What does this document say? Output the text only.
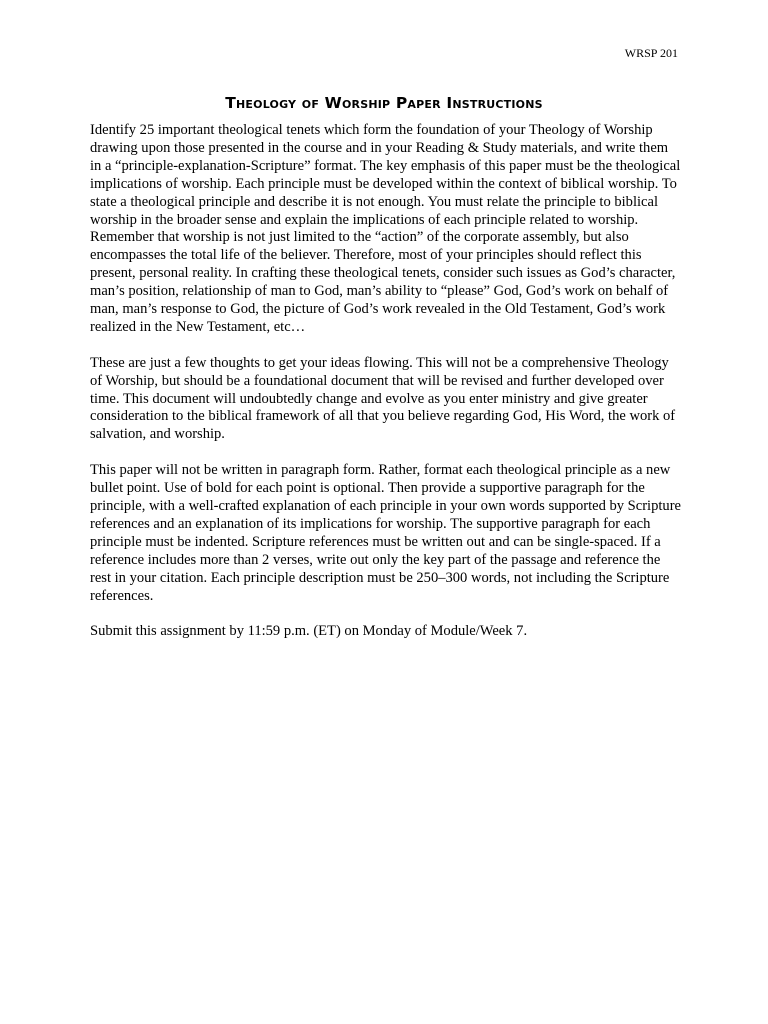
WRSP 201
Theology of Worship Paper Instructions

Identify 25 important theological tenets which form the foundation of your Theology of Worship drawing upon those presented in the course and in your Reading & Study materials, and write them in a “principle-explanation-Scripture” format. The key emphasis of this paper must be the theological implications of worship. Each principle must be developed within the context of biblical worship. To state a theological principle and describe it is not enough. You must relate the principle to biblical worship in the broader sense and explain the implications of each principle related to worship. Remember that worship is not just limited to the “action” of the corporate assembly, but also encompasses the total life of the believer. Therefore, most of your principles should reflect this present, personal reality. In crafting these theological tenets, consider such issues as God’s character, man’s position, relationship of man to God, man’s ability to “please” God, God’s work on behalf of man, man’s response to God, the picture of God’s work revealed in the Old Testament, God’s work realized in the New Testament, etc…

These are just a few thoughts to get your ideas flowing. This will not be a comprehensive Theology of Worship, but should be a foundational document that will be revised and further developed over time. This document will undoubtedly change and evolve as you enter ministry and give greater consideration to the biblical framework of all that you believe regarding God, His Word, the work of salvation, and worship.

This paper will not be written in paragraph form. Rather, format each theological principle as a new bullet point. Use of bold for each point is optional. Then provide a supportive paragraph for the principle, with a well-crafted explanation of each principle in your own words supported by Scripture references and an explanation of its implications for worship. The supportive paragraph for each principle must be indented. Scripture references must be written out and can be single-spaced. If a reference includes more than 2 verses, write out only the key part of the passage and reference the rest in your citation. Each principle description must be 250–300 words, not including the Scripture references.

Submit this assignment by 11:59 p.m. (ET) on Monday of Module/Week 7.
